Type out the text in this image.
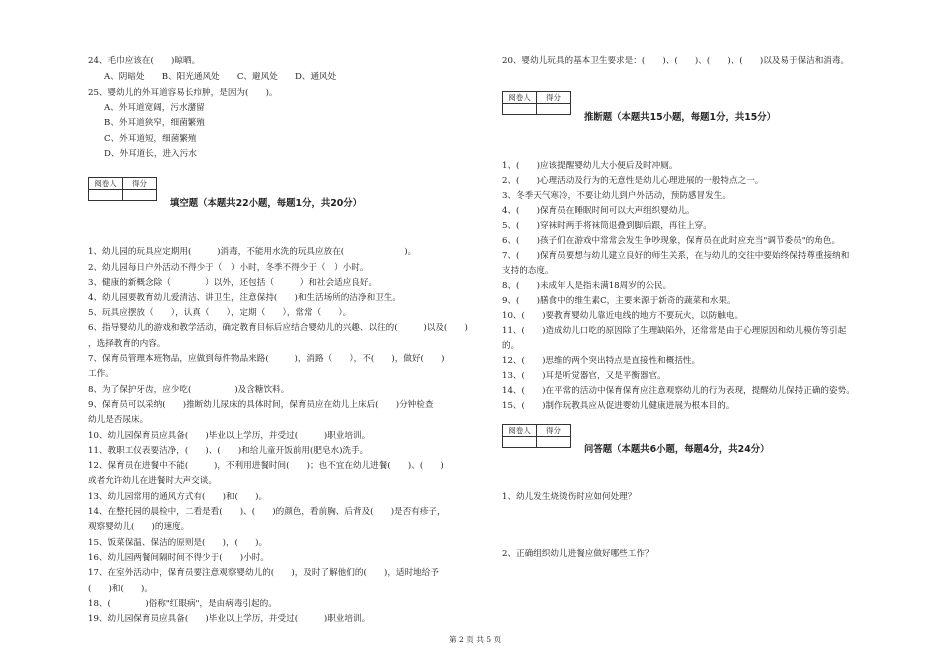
24、毛巾应该在(　　)晾晒。
A、阴暗处　　B、阳光通风处　　C、避风处　　D、通风处
25、婴幼儿的外耳道容易长疖肿，是因为(　　)。
A、外耳道宽阔，污水潴留
B、外耳道狭窄，细菌繁殖
C、外耳道短，细菌繁殖
D、外耳道长，进入污水
阅卷人	得分

填空题（本题共22小题，每题1分，共20分）
1、幼儿园的玩具应定期用(　　　)消毒，不能用水洗的玩具应放在(　　　　　　　)。
2、幼儿园每日户外活动不得少于（　）小时，冬季不得少于（　）小时。
3、健康的新概念除（　　　　）以外，还包括（　　　）和社会适应良好。
4、幼儿园要教育幼儿爱清洁、讲卫生，注意保持(　　)和生活场所的洁净和卫生。
5、玩具应摆放（　　），认真（　　），定期（　　），常常（　　）。
6、指导婴幼儿的游戏和教学活动，确定教育目标后应结合婴幼儿的兴趣、以往的(　　　)以及(　　)
，选择教育的内容。
7、保育员管理本班物品，应做到每件物品来路(　　　)，消路（　　），不(　　)，做好(　　)
工作。
8、为了保护牙齿，应少吃(　　　　　)及含糖饮料。
9、保育员可以采纳(　　)推断幼儿尿床的具体时间，保育员应在幼儿上床后(　　)分钟检查
幼儿是否尿床。
10、幼儿园保育员应具备(　　)毕业以上学历，并受过(　　　)职业培训。
11、教职工仪表要洁净，(　　)、(　　)和给儿童开饭前用(肥皂水)洗手。
12、保育员在进餐中不能(　　　)，不利用进餐时间(　　)；也不宜在幼儿进餐(　　)、(　　)
或者允许幼儿在进餐时大声交谈。
13、幼儿园常用的通风方式有(　　)和(　　)。
14、在整托园的晨检中，二看是看(　　)、(　　)的颜色，看前胸、后背及(　　)是否有疹子，
观察婴幼儿(　　)的速度。
15、饭菜保温、保洁的原则是(　　)，(　　)。
16、幼儿园两餐间隔时间不得少于(　　)小时。
17、在室外活动中，保育员要注意观察婴幼儿的(　　)，及时了解他们的(　　)，适时地给予
(　　)和(　　)。
18、(　　　　)俗称"红眼病"，是由病毒引起的。
19、幼儿园保育员应具备(　　)毕业以上学历，并受过(　　　)职业培训。
20、婴幼儿玩具的基本卫生要求是：(　　)、(　　)、(　　)、(　　)以及易于保洁和消毒。
阅卷人	得分

推断题（本题共15小题，每题1分，共15分）
1、(　　)应该提醒婴幼儿大小便后及时冲厕。
2、(　　)心理活动及行为的无意性是幼儿心理进展的一般特点之一。
3、冬季天气寒冷，不要让幼儿到户外活动，预防感冒发生。
4、(　　)保育员在睡眠时间可以大声组织婴幼儿。
5、(　　)穿袜时两手将袜筒退叠到脚后跟，再往上穿。
6、(　　)孩子们在游戏中常常会发生争吵现象，保育员在此时应充当"调节委员"的角色。
7、(　　)保育员要想与幼儿建立良好的师生关系，在与幼儿的交往中要始终保持尊重接纳和
支持的态度。
8、(　　)未成年人是指未满18周岁的公民。
9、(　　)膳食中的维生素C，主要来源于新奇的蔬菜和水果。
10、(　　)要教育婴幼儿靠近电线的地方不要玩火，以防触电。
11、(　　)造成幼儿口吃的原因除了生理缺陷外，还常常是由于心理原因和幼儿模仿等引起
的。
12、(　　)思维的两个突出特点是直接性和概括性。
13、(　　)耳是听觉器官，又是平衡器官。
14、(　　)在平常的活动中保育保育应注意观察幼儿的行为表现，提醒幼儿保持正确的姿势。
15、(　　)制作玩教具应从促进婴幼儿健康进展为根本目的。
阅卷人	得分

问答题（本题共6小题，每题4分，共24分）
1、幼儿发生烧烫伤时应如何处理？
2、正确组织幼儿进餐应做好哪些工作？
第 2 页 共 5 页
